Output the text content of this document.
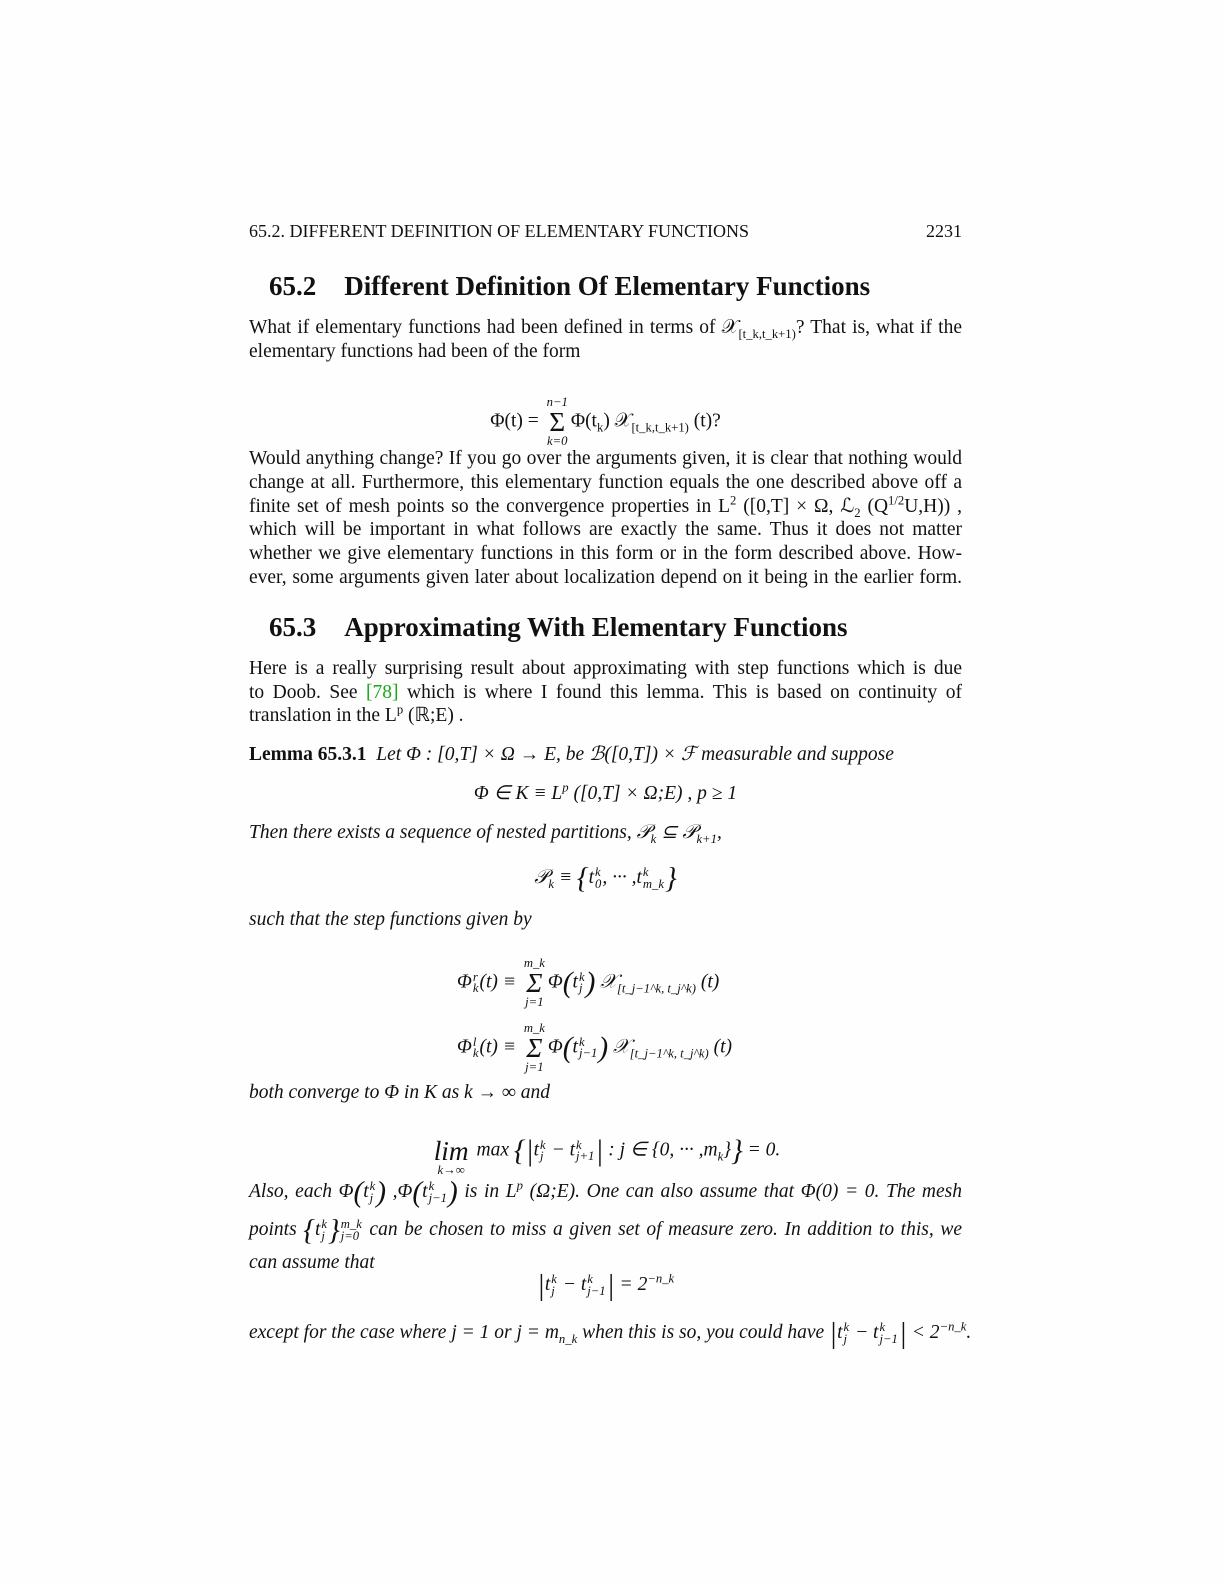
65.2. DIFFERENT DEFINITION OF ELEMENTARY FUNCTIONS	2231
65.2 Different Definition Of Elementary Functions
What if elementary functions had been defined in terms of 𝒳$_{[t\_k,t\_k+1)}$? That is, what if the
elementary functions had been of the form
Φ(t) =
n−1
Σ
k=0
$\Phi(t_k)$ 𝒳$_{[t\_k,t\_k+1)}$ (t)?
Would anything change? If you go over the arguments given, it is clear that nothing would
change at all. Furthermore, this elementary function equals the one described above off a
finite set of mesh points so the convergence properties in $L^2$ ([0,T] × Ω, ℒ$_2$ $(Q^{1/2}U,H)$) ,
which will be important in what follows are exactly the same. Thus it does not matter
whether we give elementary functions in this form or in the form described above. How-
ever, some arguments given later about localization depend on it being in the earlier form.
65.3 Approximating With Elementary Functions
Here is a really surprising result about approximating with step functions which is due
to Doob. See [78] which is where I found this lemma. This is based on continuity of
translation in the $L^p$ (ℝ;E) .
Lemma 65.3.1 Let Φ : [0,T] × Ω → E, be ℬ([0,T]) × ℱ measurable and suppose
Φ ∈ $K \equiv L^p$ ([0,T] × Ω;E) , p ≥ 1
Then there exists a sequence of nested partitions, 𝒫$_k$ ⊆ 𝒫$_{k+1}$,
𝒫$_k$ ≡ {t k
0 , ··· ,t k
m_k }
such that the step functions given by
Φ r
k (t) ≡
m_k
Σ
j=1
Φ(t k
j ) 𝒳$_{[t\_j-1\^{}k, t\_j\^{}k)}$ (t)
Φ l
k (t) ≡
m_k
Σ
j=1
Φ(t k
j−1 ) 𝒳$_{[t\_j-1\^{}k, t\_j\^{}k)}$ (t)
both converge to Φ in K as k → ∞ and

lim
k→∞
max {|t k
j − t k
j+1 | : j ∈ {0, ··· $,m_k\}\} = 0$.
Also, each Φ(t k
j ) ,Φ(t k
j−1 ) is in $L^p$ (Ω;E). One can also assume that Φ(0) = 0. The mesh
points {t k
j } m_k
j=0 can be chosen to miss a given set of measure zero. In addition to this, we
can assume that
|t k
j − t k
j−1 | = $2^{-n\_k}$
except for the case where j = 1 or $j = m_{n\_k}$ when this is so, you could have |t k
j − t k
j−1 | < $2^{-n\_k}$.
